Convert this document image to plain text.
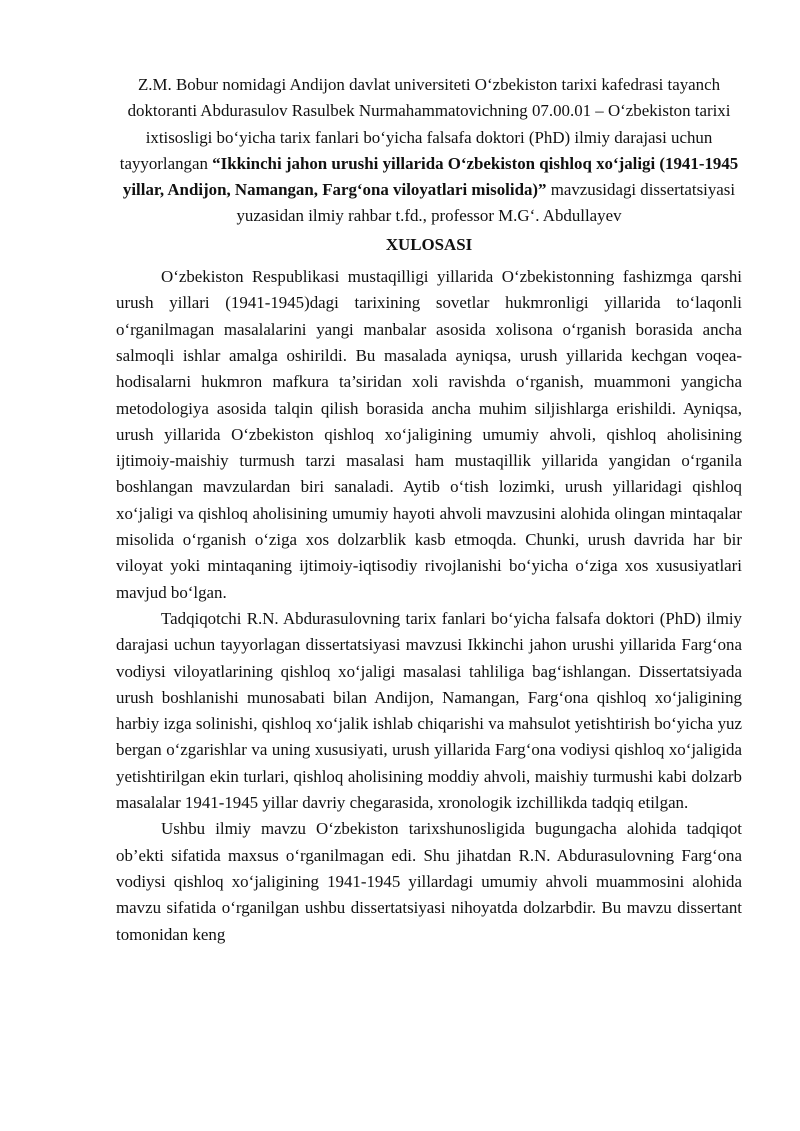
Z.M. Bobur nomidagi Andijon davlat universiteti O‘zbekiston tarixi kafedrasi tayanch doktoranti Abdurasulov Rasulbek Nurmahammatovichning 07.00.01 – O‘zbekiston tarixi ixtisosligi bo‘yicha tarix fanlari bo‘yicha falsafa doktori (PhD) ilmiy darajasi uchun tayyorlangan “Ikkinchi jahon urushi yillarida O‘zbekiston qishloq xo‘jaligi (1941-1945 yillar, Andijon, Namangan, Farg‘ona viloyatlari misolida)” mavzusidagi dissertatsiyasi yuzasidan ilmiy rahbar t.fd., professor M.G‘. Abdullayev

XULOSASI

O‘zbekiston Respublikasi mustaqilligi yillarida O‘zbekistonning fashizmga qarshi urush yillari (1941-1945)dagi tarixining sovetlar hukmronligi yillarida to‘laqonli o‘rganilmagan masalalarini yangi manbalar asosida xolisona o‘rganish borasida ancha salmoqli ishlar amalga oshirildi. Bu masalada ayniqsa, urush yillarida kechgan voqea-hodisalarni hukmron mafkura ta’siridan xoli ravishda o‘rganish, muammoni yangicha metodologiya asosida talqin qilish borasida ancha muhim siljishlarga erishildi. Ayniqsa, urush yillarida O‘zbekiston qishloq xo‘jaligining umumiy ahvoli, qishloq aholisining ijtimoiy-maishiy turmush tarzi masalasi ham mustaqillik yillarida yangidan o‘rganila boshlangan mavzulardan biri sanaladi. Aytib o‘tish lozimki, urush yillaridagi qishloq xo‘jaligi va qishloq aholisining umumiy hayoti ahvoli mavzusini alohida olingan mintaqalar misolida o‘rganish o‘ziga xos dolzarblik kasb etmoqda. Chunki, urush davrida har bir viloyat yoki mintaqaning ijtimoiy-iqtisodiy rivojlanishi bo‘yicha o‘ziga xos xususiyatlari mavjud bo‘lgan.

Tadqiqotchi R.N. Abdurasulovning tarix fanlari bo‘yicha falsafa doktori (PhD) ilmiy darajasi uchun tayyorlagan dissertatsiyasi mavzusi Ikkinchi jahon urushi yillarida Farg‘ona vodiysi viloyatlarining qishloq xo‘jaligi masalasi tahliliga bag‘ishlangan. Dissertatsiyada urush boshlanishi munosabati bilan Andijon, Namangan, Farg‘ona qishloq xo‘jaligining harbiy izga solinishi, qishloq xo‘jalik ishlab chiqarishi va mahsulot yetishtirish bo‘yicha yuz bergan o‘zgarishlar va uning xususiyati, urush yillarida Farg‘ona vodiysi qishloq xo‘jaligida yetishtirilgan ekin turlari, qishloq aholisining moddiy ahvoli, maishiy turmushi kabi dolzarb masalalar 1941-1945 yillar davriy chegarasida, xronologik izchillikda tadqiq etilgan.

Ushbu ilmiy mavzu O‘zbekiston tarixshunosligida bugungacha alohida tadqiqot ob’ekti sifatida maxsus o‘rganilmagan edi. Shu jihatdan R.N. Abdurasulovning Farg‘ona vodiysi qishloq xo‘jaligining 1941-1945 yillardagi umumiy ahvoli muammosini alohida mavzu sifatida o‘rganilgan ushbu dissertatsiyasi nihoyatda dolzarbdir. Bu mavzu dissertant tomonidan keng
